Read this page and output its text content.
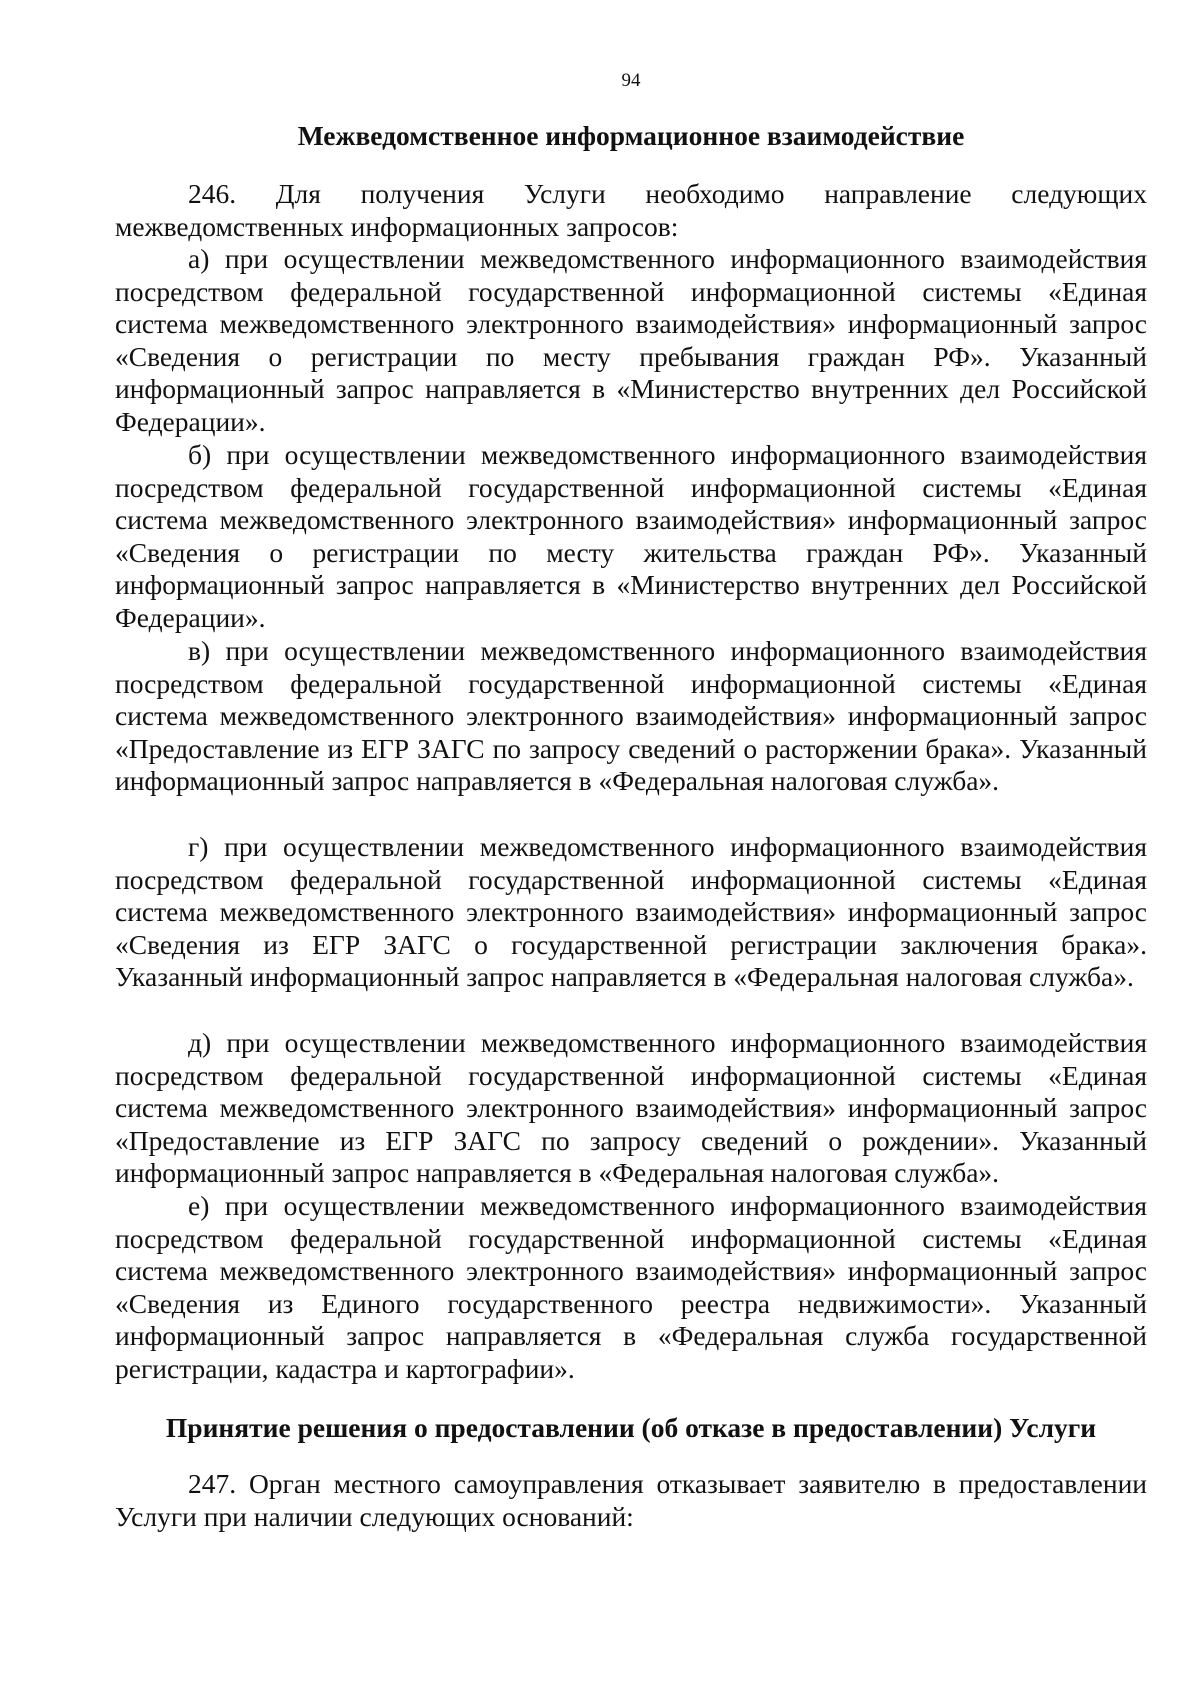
94
Межведомственное информационное взаимодействие

246. Для получения Услуги необходимо направление следующих межведомственных информационных запросов:

а) при осуществлении межведомственного информационного взаимодействия посредством федеральной государственной информационной системы «Единая система межведомственного электронного взаимодействия» информационный запрос «Сведения о регистрации по месту пребывания граждан РФ». Указанный информационный запрос направляется в «Министерство внутренних дел Российской Федерации».

б) при осуществлении межведомственного информационного взаимодействия посредством федеральной государственной информационной системы «Единая система межведомственного электронного взаимодействия» информационный запрос «Сведения о регистрации по месту жительства граждан РФ». Указанный информационный запрос направляется в «Министерство внутренних дел Российской Федерации».

в) при осуществлении межведомственного информационного взаимодействия посредством федеральной государственной информационной системы «Единая система межведомственного электронного взаимодействия» информационный запрос «Предоставление из ЕГР ЗАГС по запросу сведений о расторжении брака». Указанный информационный запрос направляется в «Федеральная налоговая служба».

г) при осуществлении межведомственного информационного взаимодействия посредством федеральной государственной информационной системы «Единая система межведомственного электронного взаимодействия» информационный запрос «Сведения из ЕГР ЗАГС о государственной регистрации заключения брака». Указанный информационный запрос направляется в «Федеральная налоговая служба».

д) при осуществлении межведомственного информационного взаимодействия посредством федеральной государственной информационной системы «Единая система межведомственного электронного взаимодействия» информационный запрос «Предоставление из ЕГР ЗАГС по запросу сведений о рождении». Указанный информационный запрос направляется в «Федеральная налоговая служба».

е) при осуществлении межведомственного информационного взаимодействия посредством федеральной государственной информационной системы «Единая система межведомственного электронного взаимодействия» информационный запрос «Сведения из Единого государственного реестра недвижимости». Указанный информационный запрос направляется в «Федеральная служба государственной регистрации, кадастра и картографии».

Принятие решения о предоставлении (об отказе в предоставлении) Услуги

247. Орган местного самоуправления отказывает заявителю в предоставлении Услуги при наличии следующих оснований:
